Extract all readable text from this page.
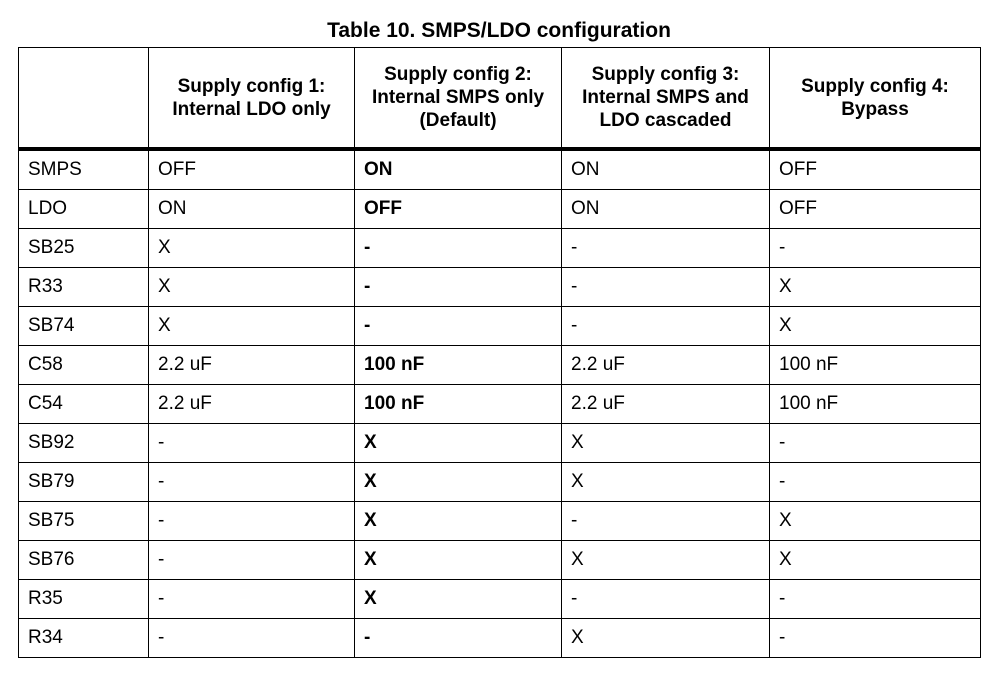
Table 10. SMPS/LDO configuration
	Supply config 1: Internal LDO only	Supply config 2: Internal SMPS only (Default)	Supply config 3: Internal SMPS and LDO cascaded	Supply config 4: Bypass
SMPS	OFF	ON	ON	OFF
LDO	ON	OFF	ON	OFF
SB25	X	-	-	-
R33	X	-	-	X
SB74	X	-	-	X
C58	2.2 uF	100 nF	2.2 uF	100 nF
C54	2.2 uF	100 nF	2.2 uF	100 nF
SB92	-	X	X	-
SB79	-	X	X	-
SB75	-	X	-	X
SB76	-	X	X	X
R35	-	X	-	-
R34	-	-	X	-
